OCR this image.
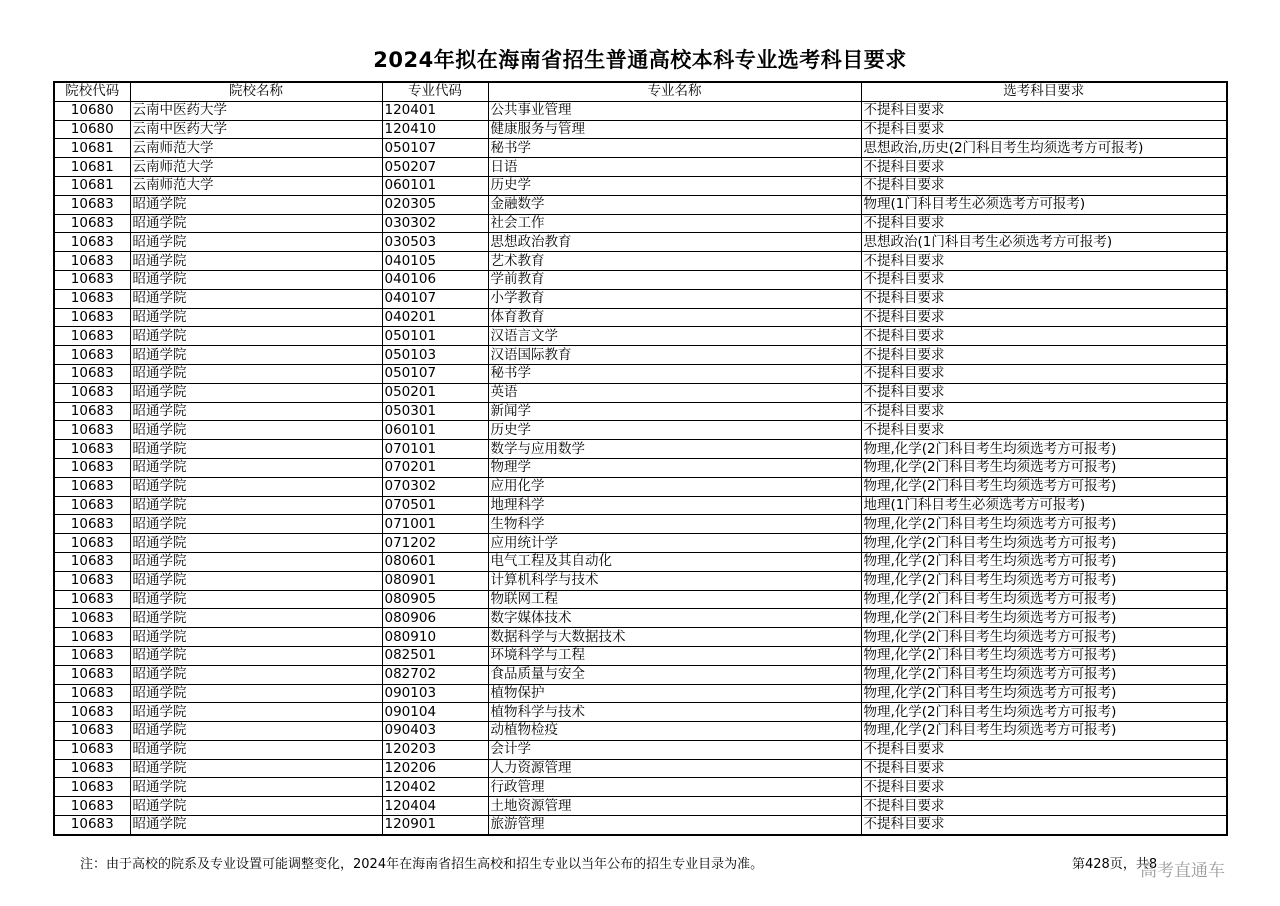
2024年拟在海南省招生普通高校本科专业选考科目要求
院校代码	院校名称	专业代码	专业名称	选考科目要求
10680	云南中医药大学	120401	公共事业管理	不提科目要求
10680	云南中医药大学	120410	健康服务与管理	不提科目要求
10681	云南师范大学	050107	秘书学	思想政治,历史(2门科目考生均须选考方可报考)
10681	云南师范大学	050207	日语	不提科目要求
10681	云南师范大学	060101	历史学	不提科目要求
10683	昭通学院	020305	金融数学	物理(1门科目考生必须选考方可报考)
10683	昭通学院	030302	社会工作	不提科目要求
10683	昭通学院	030503	思想政治教育	思想政治(1门科目考生必须选考方可报考)
10683	昭通学院	040105	艺术教育	不提科目要求
10683	昭通学院	040106	学前教育	不提科目要求
10683	昭通学院	040107	小学教育	不提科目要求
10683	昭通学院	040201	体育教育	不提科目要求
10683	昭通学院	050101	汉语言文学	不提科目要求
10683	昭通学院	050103	汉语国际教育	不提科目要求
10683	昭通学院	050107	秘书学	不提科目要求
10683	昭通学院	050201	英语	不提科目要求
10683	昭通学院	050301	新闻学	不提科目要求
10683	昭通学院	060101	历史学	不提科目要求
10683	昭通学院	070101	数学与应用数学	物理,化学(2门科目考生均须选考方可报考)
10683	昭通学院	070201	物理学	物理,化学(2门科目考生均须选考方可报考)
10683	昭通学院	070302	应用化学	物理,化学(2门科目考生均须选考方可报考)
10683	昭通学院	070501	地理科学	地理(1门科目考生必须选考方可报考)
10683	昭通学院	071001	生物科学	物理,化学(2门科目考生均须选考方可报考)
10683	昭通学院	071202	应用统计学	物理,化学(2门科目考生均须选考方可报考)
10683	昭通学院	080601	电气工程及其自动化	物理,化学(2门科目考生均须选考方可报考)
10683	昭通学院	080901	计算机科学与技术	物理,化学(2门科目考生均须选考方可报考)
10683	昭通学院	080905	物联网工程	物理,化学(2门科目考生均须选考方可报考)
10683	昭通学院	080906	数字媒体技术	物理,化学(2门科目考生均须选考方可报考)
10683	昭通学院	080910	数据科学与大数据技术	物理,化学(2门科目考生均须选考方可报考)
10683	昭通学院	082501	环境科学与工程	物理,化学(2门科目考生均须选考方可报考)
10683	昭通学院	082702	食品质量与安全	物理,化学(2门科目考生均须选考方可报考)
10683	昭通学院	090103	植物保护	物理,化学(2门科目考生均须选考方可报考)
10683	昭通学院	090104	植物科学与技术	物理,化学(2门科目考生均须选考方可报考)
10683	昭通学院	090403	动植物检疫	物理,化学(2门科目考生均须选考方可报考)
10683	昭通学院	120203	会计学	不提科目要求
10683	昭通学院	120206	人力资源管理	不提科目要求
10683	昭通学院	120402	行政管理	不提科目要求
10683	昭通学院	120404	土地资源管理	不提科目要求
10683	昭通学院	120901	旅游管理	不提科目要求
注：由于高校的院系及专业设置可能调整变化，2024年在海南省招生高校和招生专业以当年公布的招生专业目录为准。	第428页，共8
高考直通车
